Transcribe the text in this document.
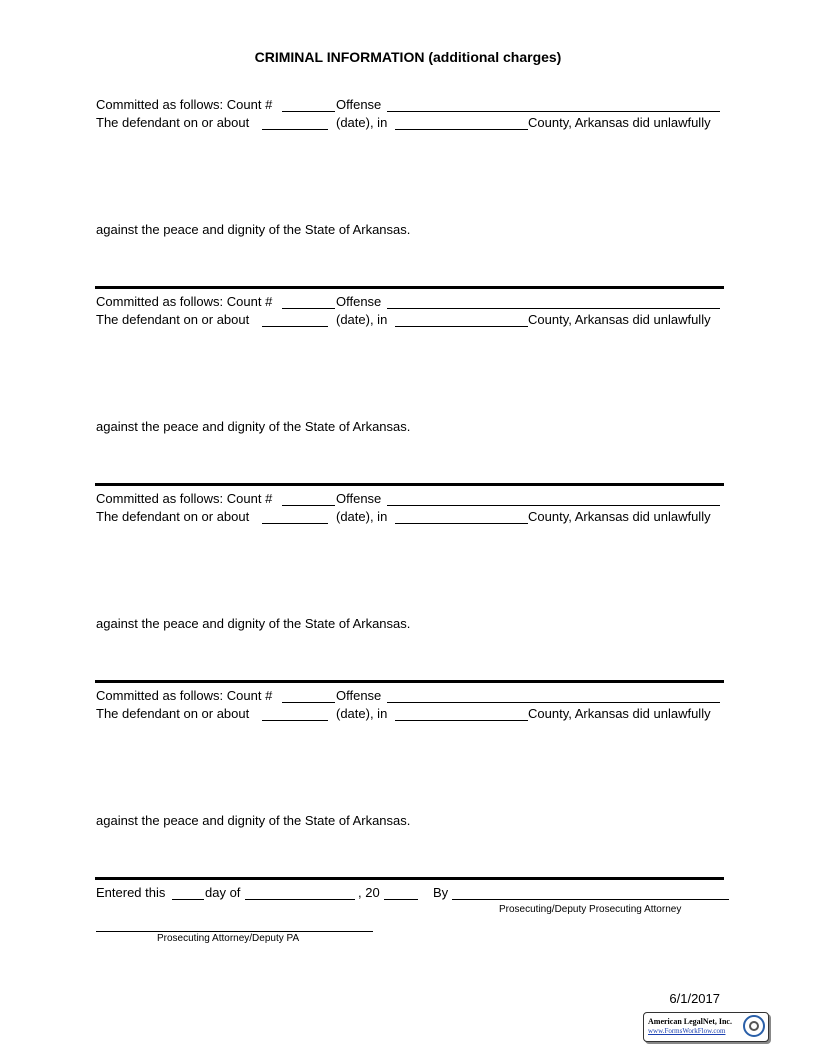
CRIMINAL INFORMATION (additional charges)
Committed as follows: Count #	Offense
The defendant on or about	(date), in	County, Arkansas did unlawfully
against the peace and dignity of the State of Arkansas.
Committed as follows: Count #	Offense
The defendant on or about	(date), in	County, Arkansas did unlawfully
against the peace and dignity of the State of Arkansas.
Committed as follows: Count #	Offense
The defendant on or about	(date), in	County, Arkansas did unlawfully
against the peace and dignity of the State of Arkansas.
Committed as follows: Count #	Offense
The defendant on or about	(date), in	County, Arkansas did unlawfully
against the peace and dignity of the State of Arkansas.
Entered this	day of	, 20	By
Prosecuting/Deputy Prosecuting Attorney
Prosecuting Attorney/Deputy PA
6/1/2017
American LegalNet, Inc.
www.FormsWorkFlow.com
